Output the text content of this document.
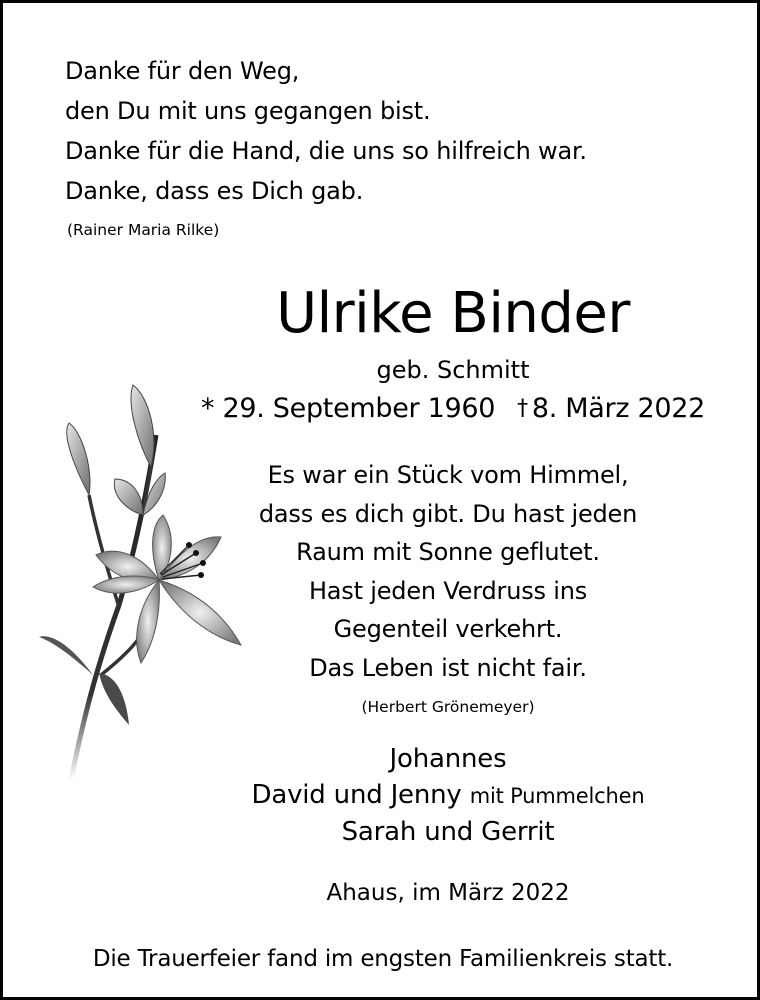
Danke für den Weg,
den Du mit uns gegangen bist.
Danke für die Hand, die uns so hilfreich war.
Danke, dass es Dich gab.
(Rainer Maria Rilke)
Ulrike Binder
geb. Schmitt
* 29. September 1960 † 8. März 2022
Es war ein Stück vom Himmel,
dass es dich gibt. Du hast jeden
Raum mit Sonne geflutet.
Hast jeden Verdruss ins
Gegenteil verkehrt.
Das Leben ist nicht fair.
(Herbert Grönemeyer)
Johannes
David und Jenny mit Pummelchen
Sarah und Gerrit
Ahaus, im März 2022
Die Trauerfeier fand im engsten Familienkreis statt.
